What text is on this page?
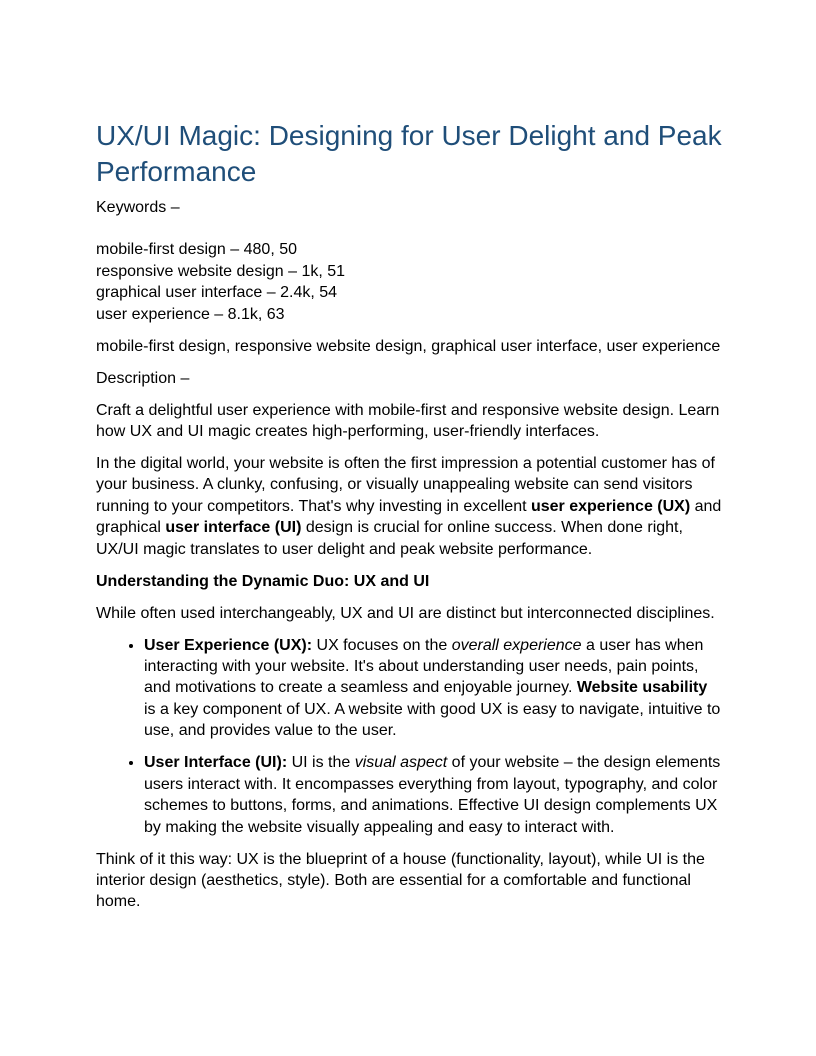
UX/UI Magic: Designing for User Delight and Peak Performance

Keywords –

mobile-first design – 480, 50
responsive website design – 1k, 51
graphical user interface – 2.4k, 54
user experience – 8.1k, 63

mobile-first design, responsive website design, graphical user interface, user experience

Description –

Craft a delightful user experience with mobile-first and responsive website design. Learn how UX and UI magic creates high-performing, user-friendly interfaces.

In the digital world, your website is often the first impression a potential customer has of your business. A clunky, confusing, or visually unappealing website can send visitors running to your competitors. That's why investing in excellent user experience (UX) and graphical user interface (UI) design is crucial for online success. When done right, UX/UI magic translates to user delight and peak website performance.

Understanding the Dynamic Duo: UX and UI

While often used interchangeably, UX and UI are distinct but interconnected disciplines.

• User Experience (UX): UX focuses on the overall experience a user has when interacting with your website. It's about understanding user needs, pain points, and motivations to create a seamless and enjoyable journey. Website usability is a key component of UX. A website with good UX is easy to navigate, intuitive to use, and provides value to the user.
• User Interface (UI): UI is the visual aspect of your website – the design elements users interact with. It encompasses everything from layout, typography, and color schemes to buttons, forms, and animations. Effective UI design complements UX by making the website visually appealing and easy to interact with.

Think of it this way: UX is the blueprint of a house (functionality, layout), while UI is the interior design (aesthetics, style). Both are essential for a comfortable and functional home.
